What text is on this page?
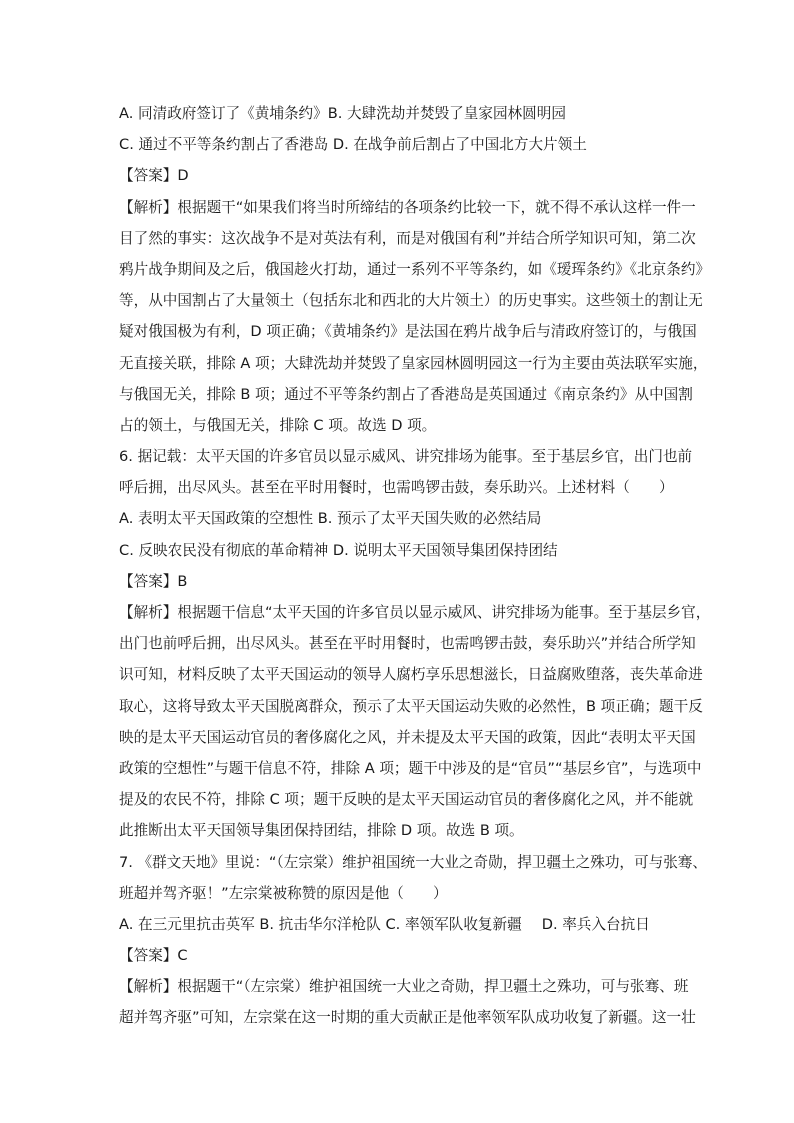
A. 同清政府签订了《黄埔条约》B. 大肆洗劫并焚毁了皇家园林圆明园
C. 通过不平等条约割占了香港岛 D. 在战争前后割占了中国北方大片领土
【答案】D
【解析】根据题干“如果我们将当时所缔结的各项条约比较一下，就不得不承认这样一件一
目了然的事实：这次战争不是对英法有利，而是对俄国有利”并结合所学知识可知，第二次
鸦片战争期间及之后，俄国趁火打劫，通过一系列不平等条约，如《瑷珲条约》《北京条约》
等，从中国割占了大量领土（包括东北和西北的大片领土）的历史事实。这些领土的割让无
疑对俄国极为有利，D 项正确；《黄埔条约》是法国在鸦片战争后与清政府签订的，与俄国
无直接关联，排除 A 项；大肆洗劫并焚毁了皇家园林圆明园这一行为主要由英法联军实施，
与俄国无关，排除 B 项；通过不平等条约割占了香港岛是英国通过《南京条约》从中国割
占的领土，与俄国无关，排除 C 项。故选 D 项。
6. 据记载：太平天国的许多官员以显示威风、讲究排场为能事。至于基层乡官，出门也前
呼后拥，出尽风头。甚至在平时用餐时，也需鸣锣击鼓，奏乐助兴。上述材料（　　）
A. 表明太平天国政策的空想性 B. 预示了太平天国失败的必然结局
C. 反映农民没有彻底的革命精神 D. 说明太平天国领导集团保持团结
【答案】B
【解析】根据题干信息“太平天国的许多官员以显示威风、讲究排场为能事。至于基层乡官，
出门也前呼后拥，出尽风头。甚至在平时用餐时，也需鸣锣击鼓，奏乐助兴”并结合所学知
识可知，材料反映了太平天国运动的领导人腐朽享乐思想滋长，日益腐败堕落，丧失革命进
取心，这将导致太平天国脱离群众，预示了太平天国运动失败的必然性，B 项正确；题干反
映的是太平天国运动官员的奢侈腐化之风，并未提及太平天国的政策，因此“表明太平天国
政策的空想性”与题干信息不符，排除 A 项；题干中涉及的是“官员”“基层乡官”，与选项中
提及的农民不符，排除 C 项；题干反映的是太平天国运动官员的奢侈腐化之风，并不能就
此推断出太平天国领导集团保持团结，排除 D 项。故选 B 项。
7. 《群文天地》里说：“（左宗棠）维护祖国统一大业之奇勋，捍卫疆土之殊功，可与张骞、
班超并驾齐驱！”左宗棠被称赞的原因是他（　　）
A. 在三元里抗击英军 B. 抗击华尔洋枪队 C. 率领军队收复新疆 D. 率兵入台抗日
【答案】C
【解析】根据题干“（左宗棠）维护祖国统一大业之奇勋，捍卫疆土之殊功，可与张骞、班
超并驾齐驱”可知，左宗棠在这一时期的重大贡献正是他率领军队成功收复了新疆。这一壮
